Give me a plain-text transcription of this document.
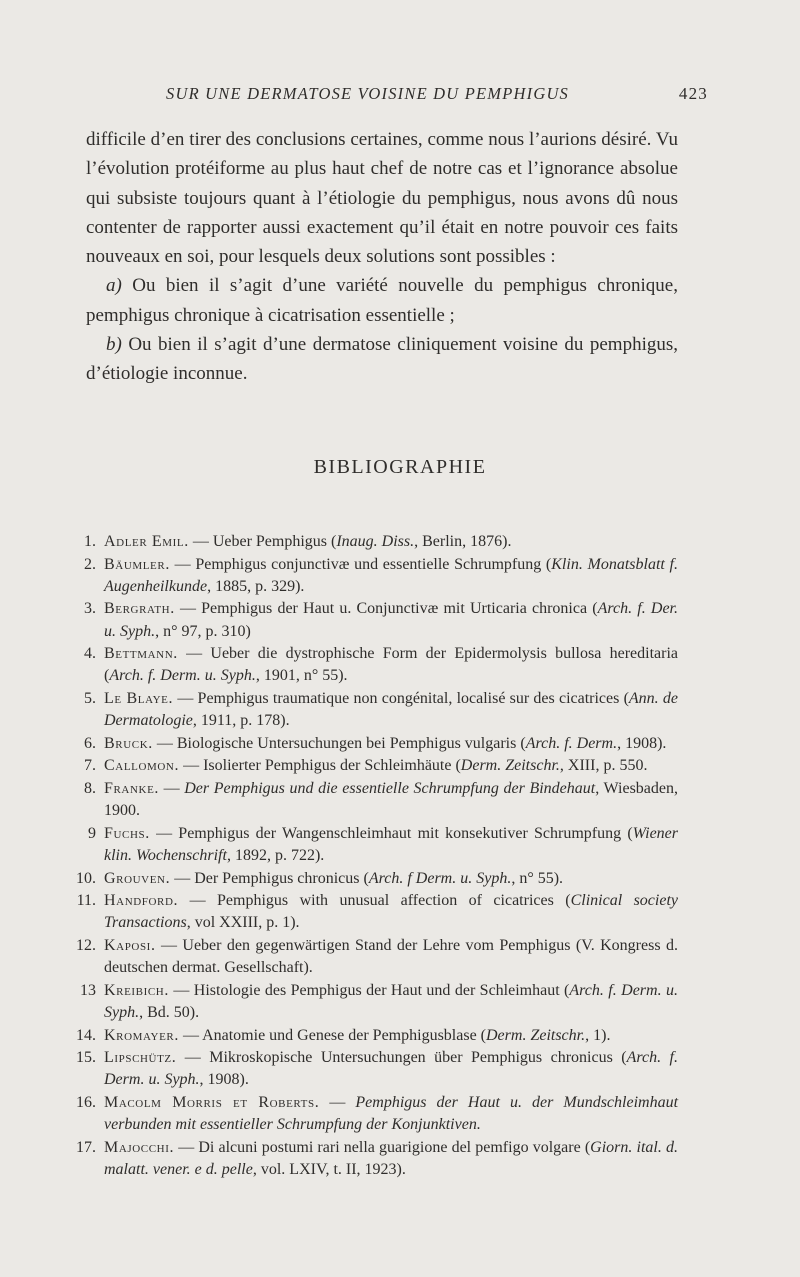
SUR UNE DERMATOSE VOISINE DU PEMPHIGUS	423

difficile d’en tirer des conclusions certaines, comme nous l’aurions désiré. Vu l’évolution protéiforme au plus haut chef de notre cas et l’ignorance absolue qui subsiste toujours quant à l’étiologie du pemphigus, nous avons dû nous contenter de rapporter aussi exactement qu’il était en notre pouvoir ces faits nouveaux en soi, pour lesquels deux solutions sont possibles :

a) Ou bien il s’agit d’une variété nouvelle du pemphigus chronique, pemphigus chronique à cicatrisation essentielle ;

b) Ou bien il s’agit d’une dermatose cliniquement voisine du pemphigus, d’étiologie inconnue.

BIBLIOGRAPHIE
1. Adler Emil. — Ueber Pemphigus (Inaug. Diss., Berlin, 1876).
2. Bäumler. — Pemphigus conjunctivæ und essentielle Schrumpfung (Klin. Monatsblatt f. Augenheilkunde, 1885, p. 329).
3. Bergrath. — Pemphigus der Haut u. Conjunctivæ mit Urticaria chronica (Arch. f. Der. u. Syph., n° 97, p. 310)
4. Bettmann. — Ueber die dystrophische Form der Epidermolysis bullosa hereditaria (Arch. f. Derm. u. Syph., 1901, n° 55).
5. Le Blaye. — Pemphigus traumatique non congénital, localisé sur des cicatrices (Ann. de Dermatologie, 1911, p. 178).
6. Bruck. — Biologische Untersuchungen bei Pemphigus vulgaris (Arch. f. Derm., 1908).
7. Callomon. — Isolierter Pemphigus der Schleimhäute (Derm. Zeitschr., XIII, p. 550.
8. Franke. — Der Pemphigus und die essentielle Schrumpfung der Bindehaut, Wiesbaden, 1900.
9 Fuchs. — Pemphigus der Wangenschleimhaut mit konsekutiver Schrumpfung (Wiener klin. Wochenschrift, 1892, p. 722).
10. Grouven. — Der Pemphigus chronicus (Arch. f Derm. u. Syph., n° 55).
11. Handford. — Pemphigus with unusual affection of cicatrices (Clinical society Transactions, vol XXIII, p. 1).
12. Kaposi. — Ueber den gegenwärtigen Stand der Lehre vom Pemphigus (V. Kongress d. deutschen dermat. Gesellschaft).
13 Kreibich. — Histologie des Pemphigus der Haut und der Schleimhaut (Arch. f. Derm. u. Syph., Bd. 50).
14. Kromayer. — Anatomie und Genese der Pemphigusblase (Derm. Zeitschr., 1).
15. Lipschütz. — Mikroskopische Untersuchungen über Pemphigus chronicus (Arch. f. Derm. u. Syph., 1908).
16. Macolm Morris et Roberts. — Pemphigus der Haut u. der Mundschleimhaut verbunden mit essentieller Schrumpfung der Konjunktiven.
17. Majocchi. — Di alcuni postumi rari nella guarigione del pemfigo volgare (Giorn. ital. d. malatt. vener. e d. pelle, vol. LXIV, t. II, 1923).
